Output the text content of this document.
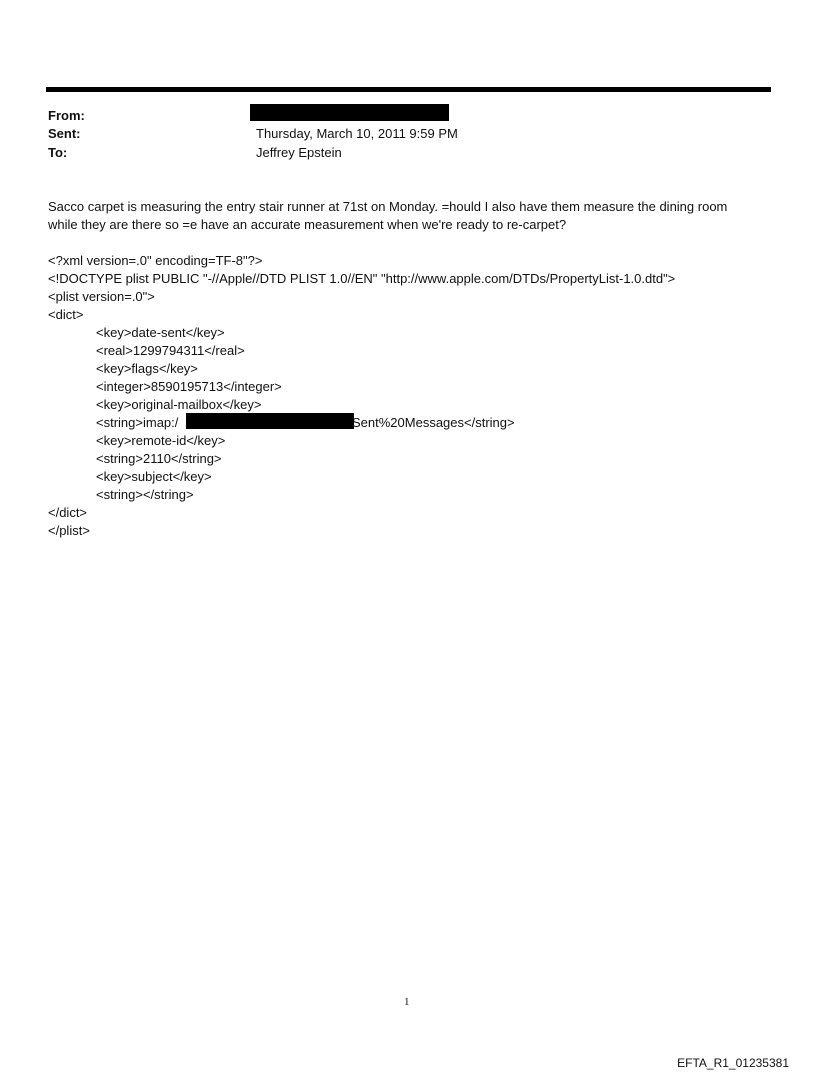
From:
Sent:	Thursday, March 10, 2011 9:59 PM
To:	Jeffrey Epstein
Sacco carpet is measuring the entry stair runner at 71st on Monday. =hould I also have them measure the dining room
while they are there so =e have an accurate measurement when we're ready to re-carpet?
<?xml version=.0" encoding=TF-8"?>
<!DOCTYPE plist PUBLIC "-//Apple//DTD PLIST 1.0//EN" "http://www.apple.com/DTDs/PropertyList-1.0.dtd">
<plist version=.0">
<dict>
<key>date-sent</key>
<real>1299794311</real>
<key>flags</key>
<integer>8590195713</integer>
<key>original-mailbox</key>
<string>imap:/	Sent%20Messages</string>
<key>remote-id</key>
<string>2110</string>
<key>subject</key>
<string></string>
</dict>
</plist>
1
EFTA_R1_01235381
